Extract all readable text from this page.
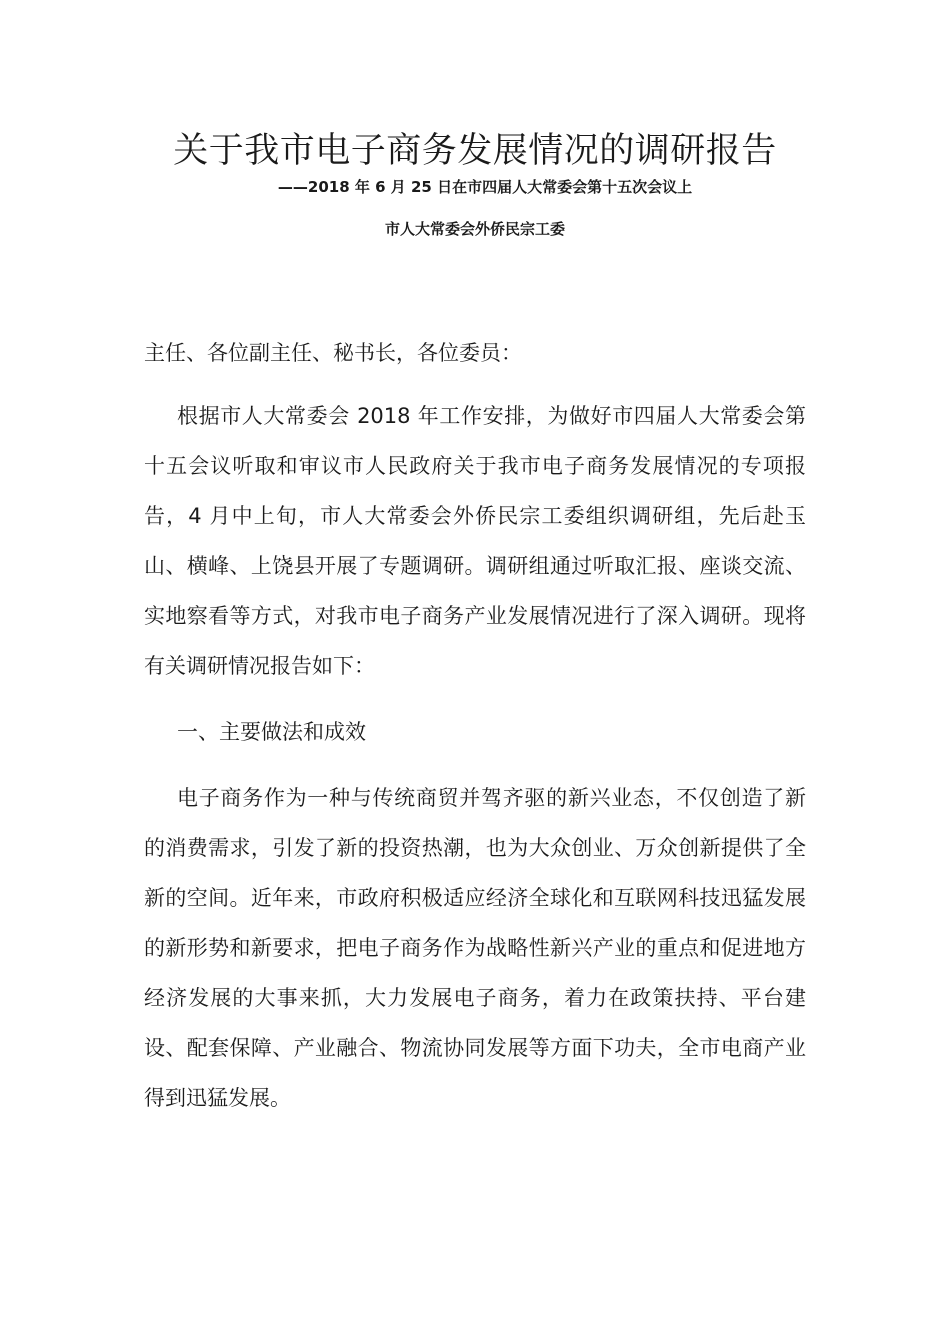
关于我市电子商务发展情况的调研报告
——2018 年 6 月 25 日在市四届人大常委会第十五次会议上
市人大常委会外侨民宗工委

主任、各位副主任、秘书长，各位委员：

根据市人大常委会 2018 年工作安排，为做好市四届人大常委会第十五会议听取和审议市人民政府关于我市电子商务发展情况的专项报告，4 月中上旬，市人大常委会外侨民宗工委组织调研组，先后赴玉山、横峰、上饶县开展了专题调研。调研组通过听取汇报、座谈交流、实地察看等方式，对我市电子商务产业发展情况进行了深入调研。现将有关调研情况报告如下：

一、主要做法和成效

电子商务作为一种与传统商贸并驾齐驱的新兴业态，不仅创造了新的消费需求，引发了新的投资热潮，也为大众创业、万众创新提供了全新的空间。近年来，市政府积极适应经济全球化和互联网科技迅猛发展的新形势和新要求，把电子商务作为战略性新兴产业的重点和促进地方经济发展的大事来抓，大力发展电子商务，着力在政策扶持、平台建设、配套保障、产业融合、物流协同发展等方面下功夫，全市电商产业得到迅猛发展。
